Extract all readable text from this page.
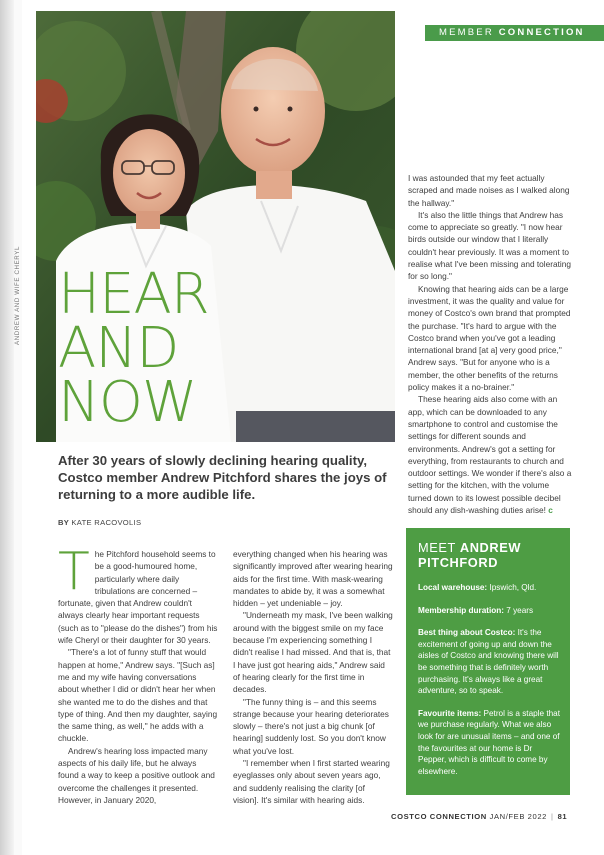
MEMBER CONNECTION
ANDREW AND WIFE CHERYL HEAR
AND
NOW
After 30 years of slowly declining hearing quality, Costco member Andrew Pitchford shares the joys of returning to a more audible life.
BY KATE RACOVOLIS
T he Pitchford household seems to be a good-humoured home, particularly where daily tribulations are concerned – fortunate, given that Andrew couldn't always clearly hear important requests (such as to "please do the dishes") from his wife Cheryl or their daughter for 30 years.

"There's a lot of funny stuff that would happen at home," Andrew says. "[Such as] me and my wife having conversations about whether I did or didn't hear her when she wanted me to do the dishes and that type of thing. And then my daughter, saying the same thing, as well," he adds with a chuckle.

Andrew's hearing loss impacted many aspects of his daily life, but he always found a way to keep a positive outlook and overcome the challenges it presented. However, in January 2020,

everything changed when his hearing was significantly improved after wearing hearing aids for the first time. With mask-wearing mandates to abide by, it was a somewhat hidden – yet undeniable – joy.

"Underneath my mask, I've been walking around with the biggest smile on my face because I'm experiencing something I didn't realise I had missed. And that is, that I have just got hearing aids," Andrew said of hearing clearly for the first time in decades.

"The funny thing is – and this seems strange because your hearing deteriorates slowly – there's not just a big chunk [of hearing] suddenly lost. So you don't know what you've lost.

"I remember when I first started wearing eyeglasses only about seven years ago, and suddenly realising the clarity [of vision]. It's similar with hearing aids.

I was astounded that my feet actually scraped and made noises as I walked along the hallway."

It's also the little things that Andrew has come to appreciate so greatly. "I now hear birds outside our window that I literally couldn't hear previously. It was a moment to realise what I've been missing and tolerating for so long."

Knowing that hearing aids can be a large investment, it was the quality and value for money of Costco's own brand that prompted the purchase. "It's hard to argue with the Costco brand when you've got a leading international brand [at a] very good price," Andrew says. "But for anyone who is a member, the other benefits of the returns policy makes it a no-brainer."

These hearing aids also come with an app, which can be downloaded to any smartphone to control and customise the settings for different sounds and environments. Andrew's got a setting for everything, from restaurants to church and outdoor settings. We wonder if there's also a setting for the kitchen, with the volume turned down to its lowest possible decibel should any dish-washing duties arise! c

MEET ANDREW PITCHFORD
Local warehouse: Ipswich, Qld.
Membership duration: 7 years
Best thing about Costco: It's the excitement of going up and down the aisles of Costco and knowing there will be something that is definitely worth purchasing. It's always like a great adventure, so to speak.
Favourite items: Petrol is a staple that we purchase regularly. What we also look for are unusual items – and one of the favourites at our home is Dr Pepper, which is difficult to come by elsewhere.
COSTCO CONNECTION JAN/FEB 2022 | 81
